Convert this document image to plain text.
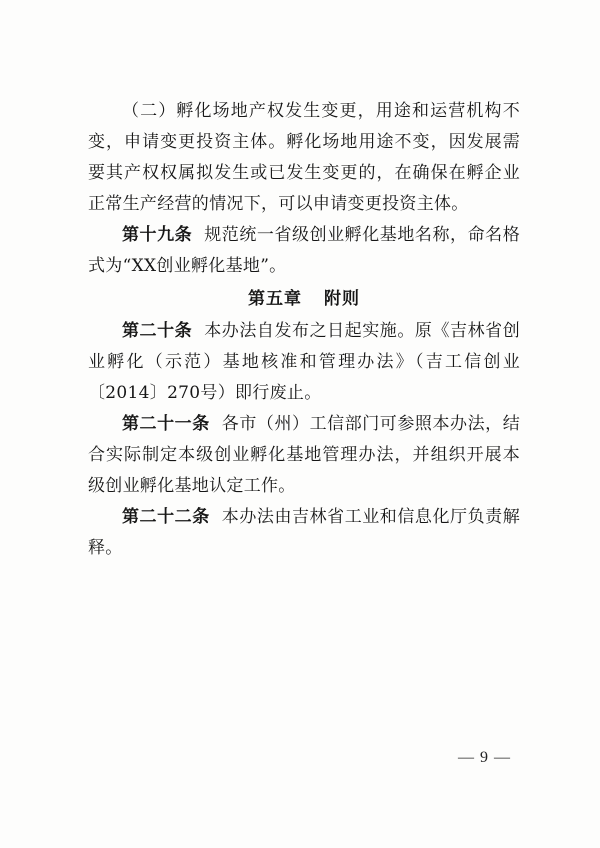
（二）孵化场地产权发生变更，用途和运营机构不变，申请变更投资主体。孵化场地用途不变，因发展需要其产权权属拟发生或已发生变更的，在确保在孵企业正常生产经营的情况下，可以申请变更投资主体。

第十九条 规范统一省级创业孵化基地名称，命名格式为“XX创业孵化基地”。

第五章 附则

第二十条 本办法自发布之日起实施。原《吉林省创业孵化（示范）基地核准和管理办法》（吉工信创业〔2014〕270号）即行废止。

第二十一条 各市（州）工信部门可参照本办法，结合实际制定本级创业孵化基地管理办法，并组织开展本级创业孵化基地认定工作。

第二十二条 本办法由吉林省工业和信息化厅负责解释。

— 9 —
